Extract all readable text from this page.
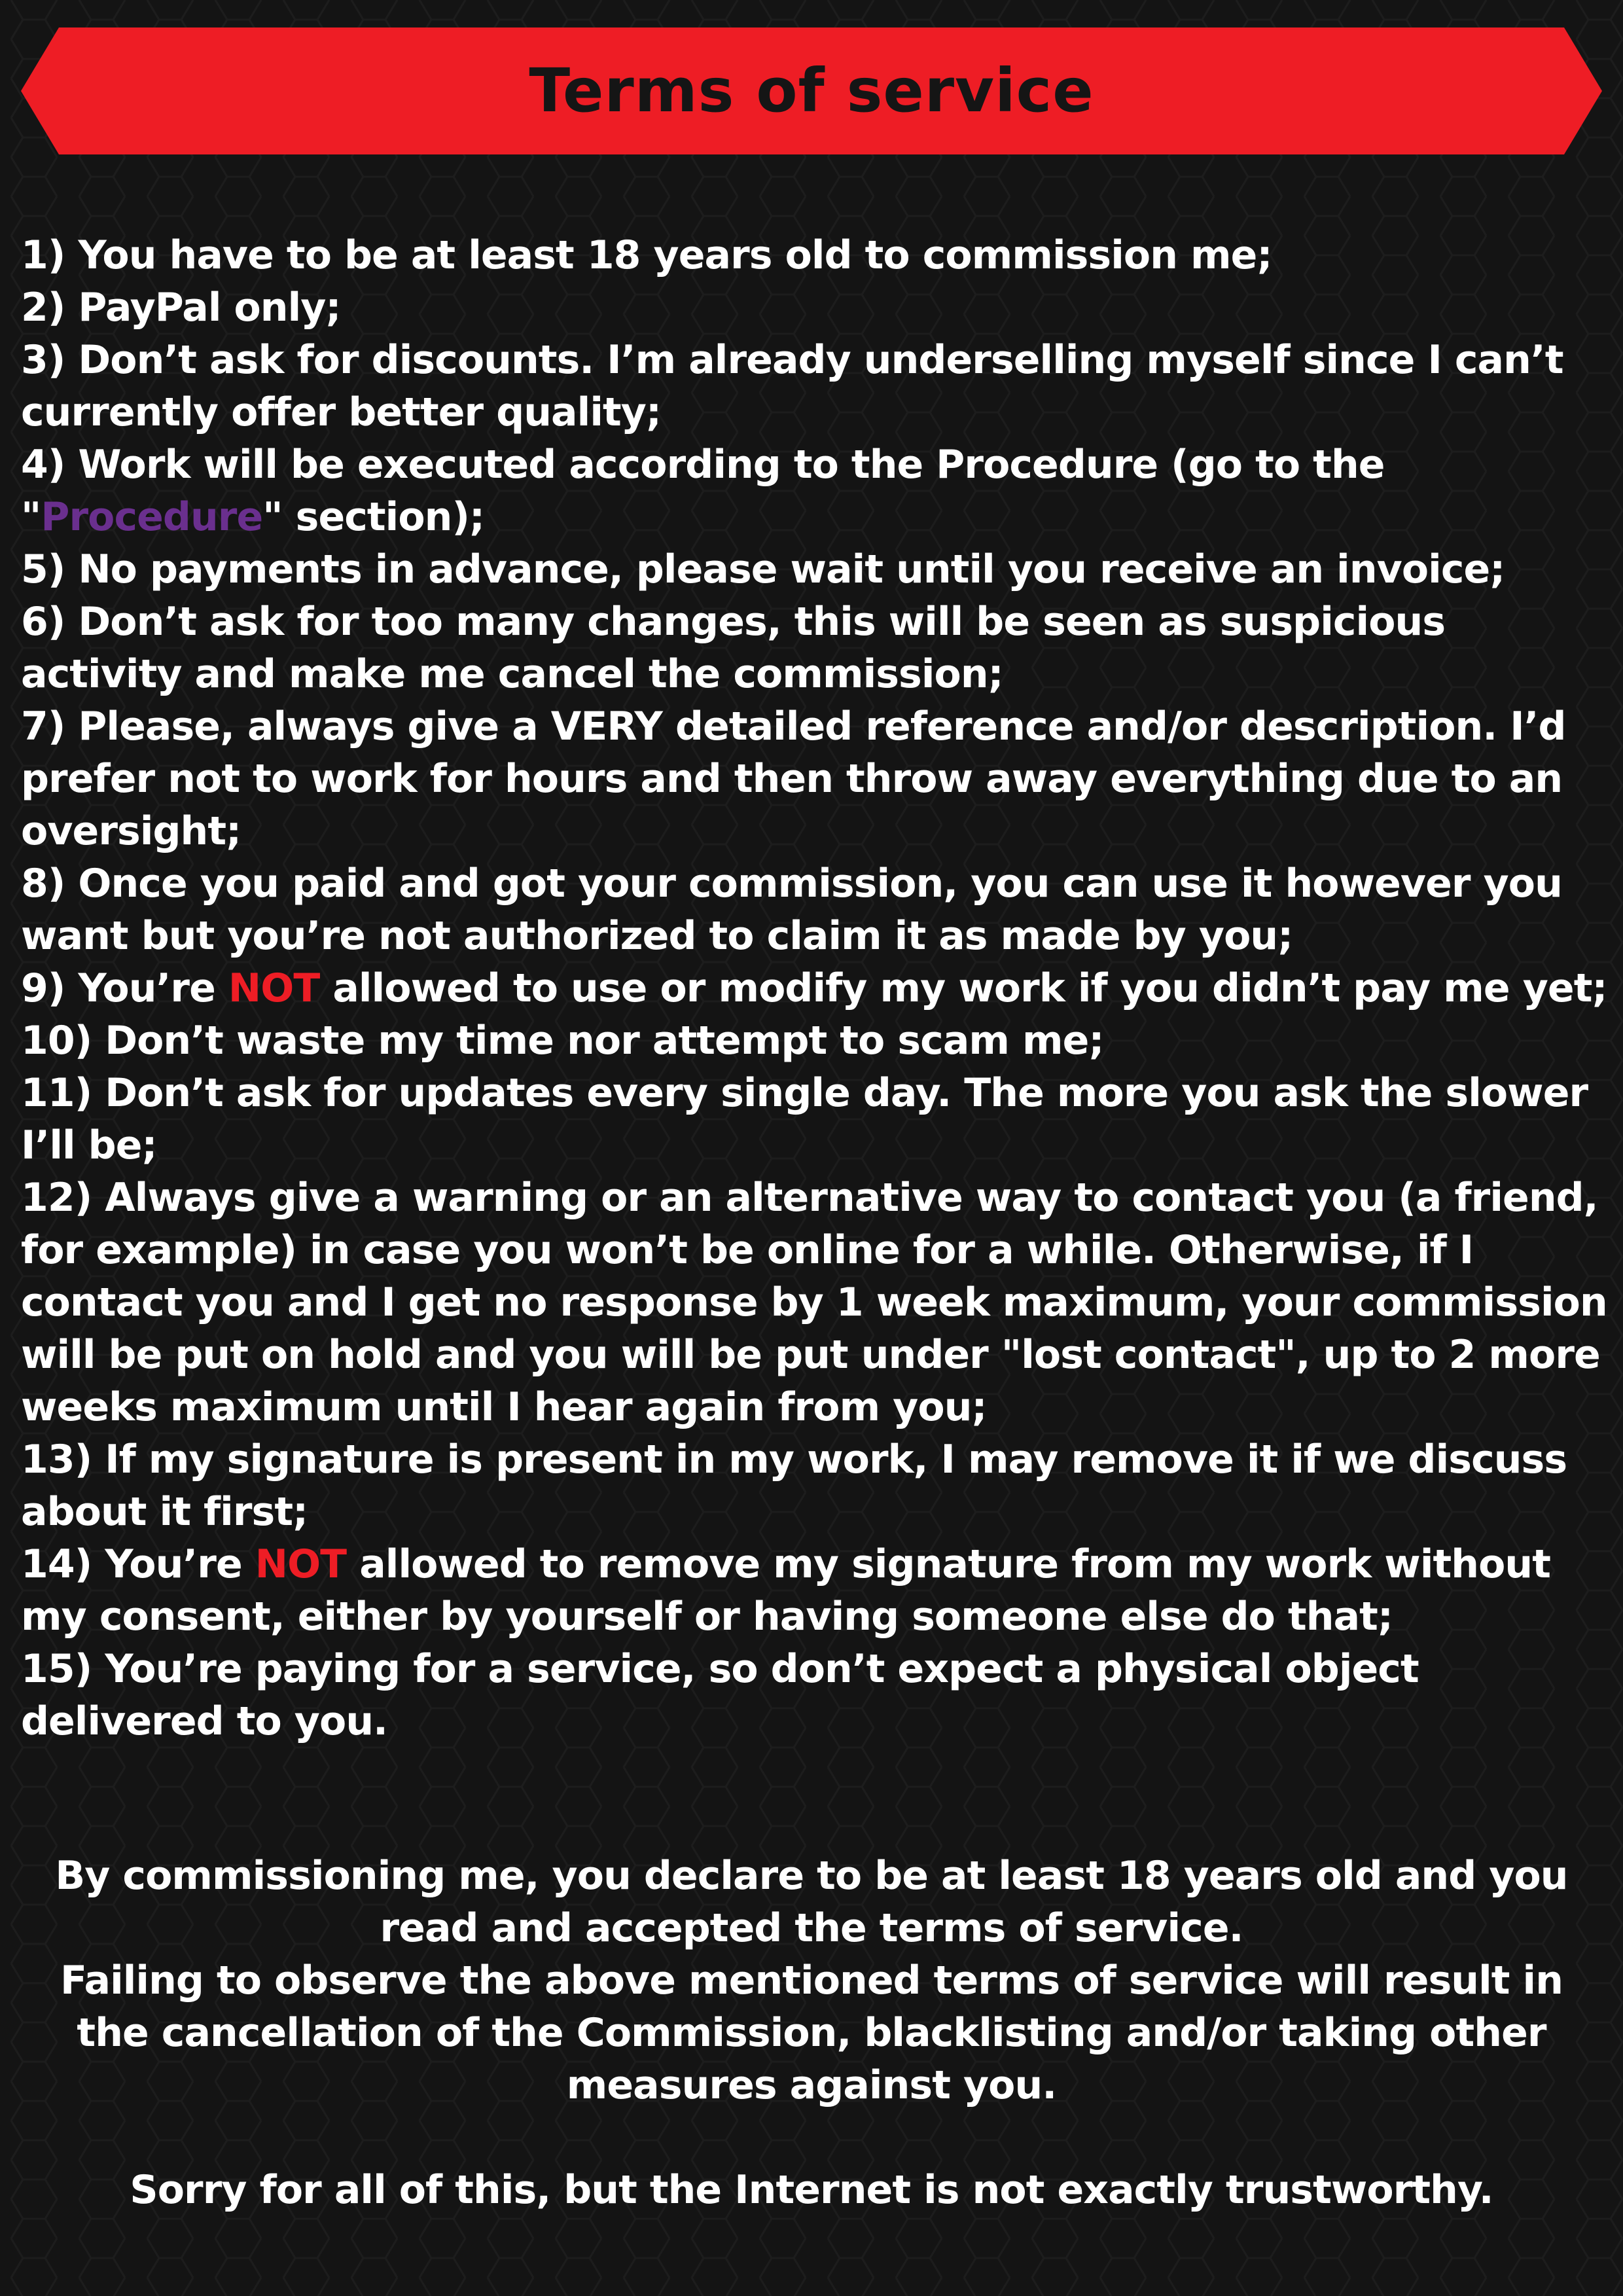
Terms of service
1) You have to be at least 18 years old to commission me;
2) PayPal only;
3) Don’t ask for discounts. I’m already underselling myself since I can’t currently offer better quality;
4) Work will be executed according to the Procedure (go to the "Procedure" section);
5) No payments in advance, please wait until you receive an invoice;
6) Don’t ask for too many changes, this will be seen as suspicious activity and make me cancel the commission;
7) Please, always give a VERY detailed reference and/or description. I’d prefer not to work for hours and then throw away everything due to an oversight;
8) Once you paid and got your commission, you can use it however you want but you’re not authorized to claim it as made by you;
9) You’re NOT allowed to use or modify my work if you didn’t pay me yet;
10) Don’t waste my time nor attempt to scam me;
11) Don’t ask for updates every single day. The more you ask the slower I’ll be;
12) Always give a warning or an alternative way to contact you (a friend, for example) in case you won’t be online for a while. Otherwise, if I contact you and I get no response by 1 week maximum, your commission will be put on hold and you will be put under "lost contact", up to 2 more weeks maximum until I hear again from you;
13) If my signature is present in my work, I may remove it if we discuss about it first;
14) You’re NOT allowed to remove my signature from my work without my consent, either by yourself or having someone else do that;
15) You’re paying for a service, so don’t expect a physical object delivered to you.

By commissioning me, you declare to be at least 18 years old and you read and accepted the terms of service.

Failing to observe the above mentioned terms of service will result in the cancellation of the Commission, blacklisting and/or taking other measures against you.

Sorry for all of this, but the Internet is not exactly trustworthy.
